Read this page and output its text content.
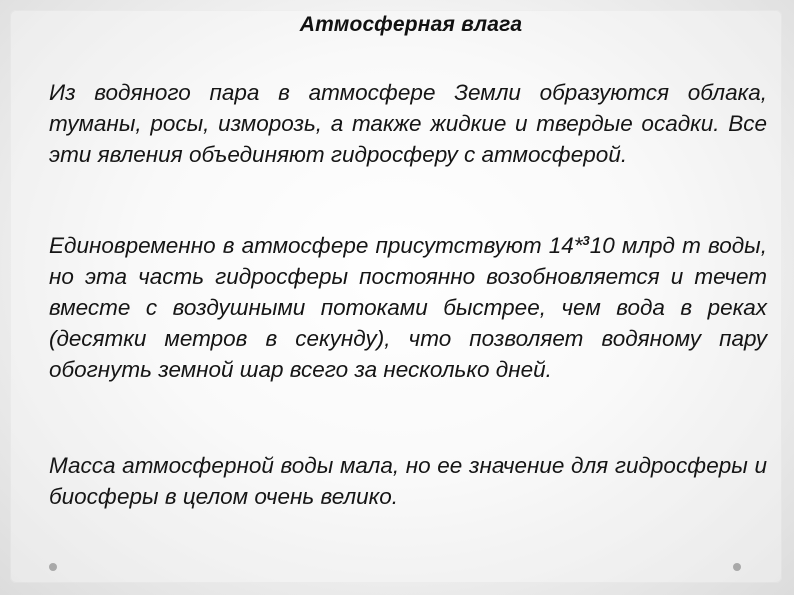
Атмосферная влага

Из водяного пара в атмосфере Земли образуются облака, туманы, росы, изморозь, а также жидкие и твердые осадки. Все эти явления объединяют гидросферу с атмосферой.

Единовременно в атмосфере присутствуют 14*$^3$10 млрд т воды, но эта часть гидросферы постоянно возобновляется и течет вместе с воздушными потоками быстрее, чем вода в реках (десятки метров в секунду), что позволяет водяному пару обогнуть земной шар всего за несколько дней.

Масса атмосферной воды мала, но ее значение для гидросферы и биосферы в целом очень велико.
